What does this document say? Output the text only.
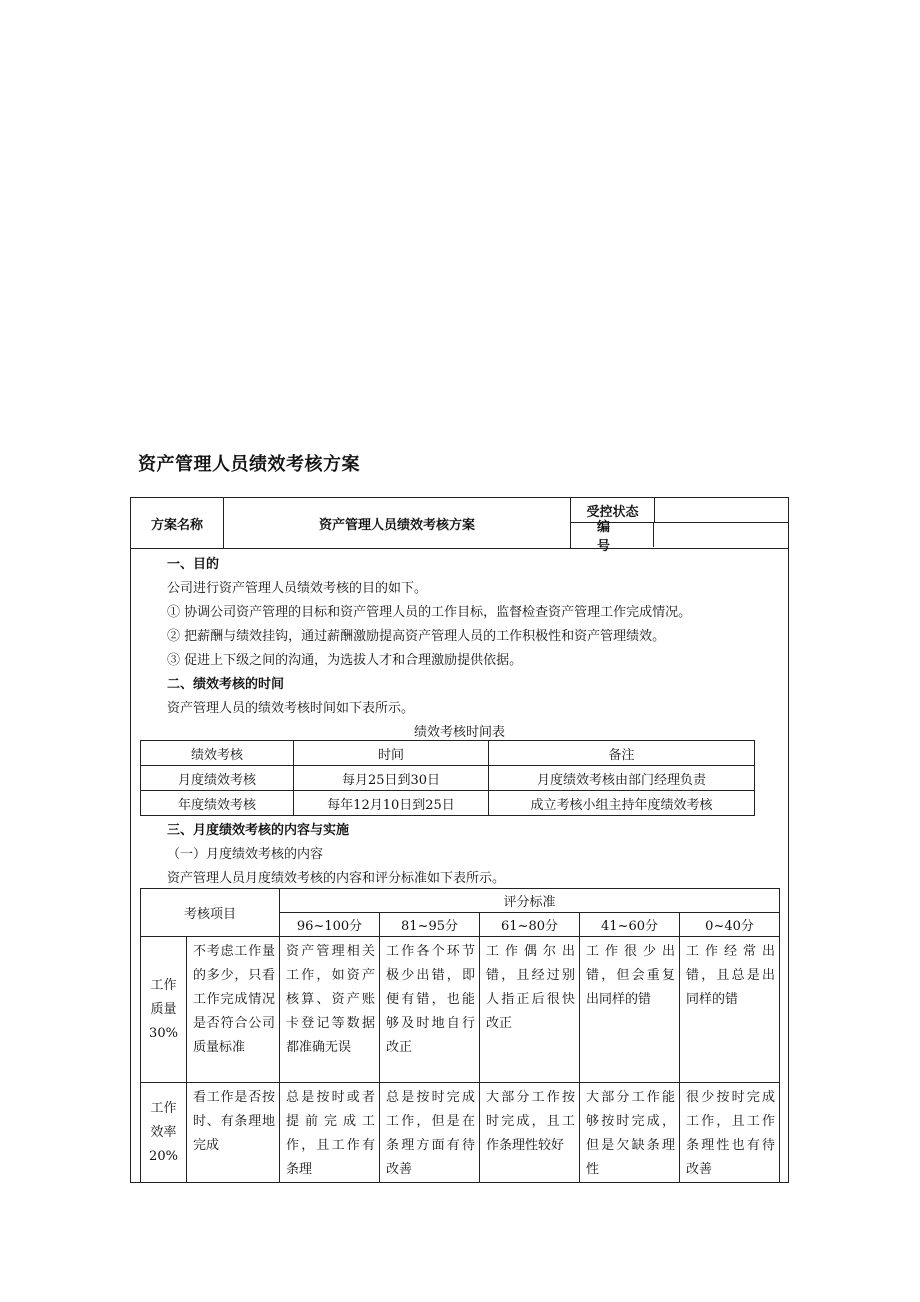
资产管理人员绩效考核方案
方案名称	资产管理人员绩效考核方案
受控状态
编号
一、目的
公司进行资产管理人员绩效考核的目的如下。
① 协调公司资产管理的目标和资产管理人员的工作目标，监督检查资产管理工作完成情况。
② 把薪酬与绩效挂钩，通过薪酬激励提高资产管理人员的工作积极性和资产管理绩效。
③ 促进上下级之间的沟通，为选拔人才和合理激励提供依据。
二、绩效考核的时间
资产管理人员的绩效考核时间如下表所示。
绩效考核时间表
绩效考核	时间	备注
月度绩效考核	每月25日到30日	月度绩效考核由部门经理负责
年度绩效考核	每年12月10日到25日	成立考核小组主持年度绩效考核
三、月度绩效考核的内容与实施
（一）月度绩效考核的内容
资产管理人员月度绩效考核的内容和评分标准如下表所示。
考核项目		评分标准				
		96~100分	81~95分	61~80分	41~60分	0~40分
工作质量30%	不考虑工作量的多少，只看工作完成情况是否符合公司质量标准	资产管理相关工作，如资产核算、资产账卡登记等数据都准确无误	工作各个环节极少出错，即便有错，也能够及时地自行改正	工作偶尔出错，且经过别人指正后很快改正	工作很少出错，但会重复出同样的错	工作经常出错，且总是出同样的错
工作效率20%	看工作是否按时、有条理地完成	总是按时或者提前完成工作，且工作有条理	总是按时完成工作，但是在条理方面有待改善	大部分工作按时完成，且工作条理性较好	大部分工作能够按时完成，但是欠缺条理性	很少按时完成工作，且工作条理性也有待改善
